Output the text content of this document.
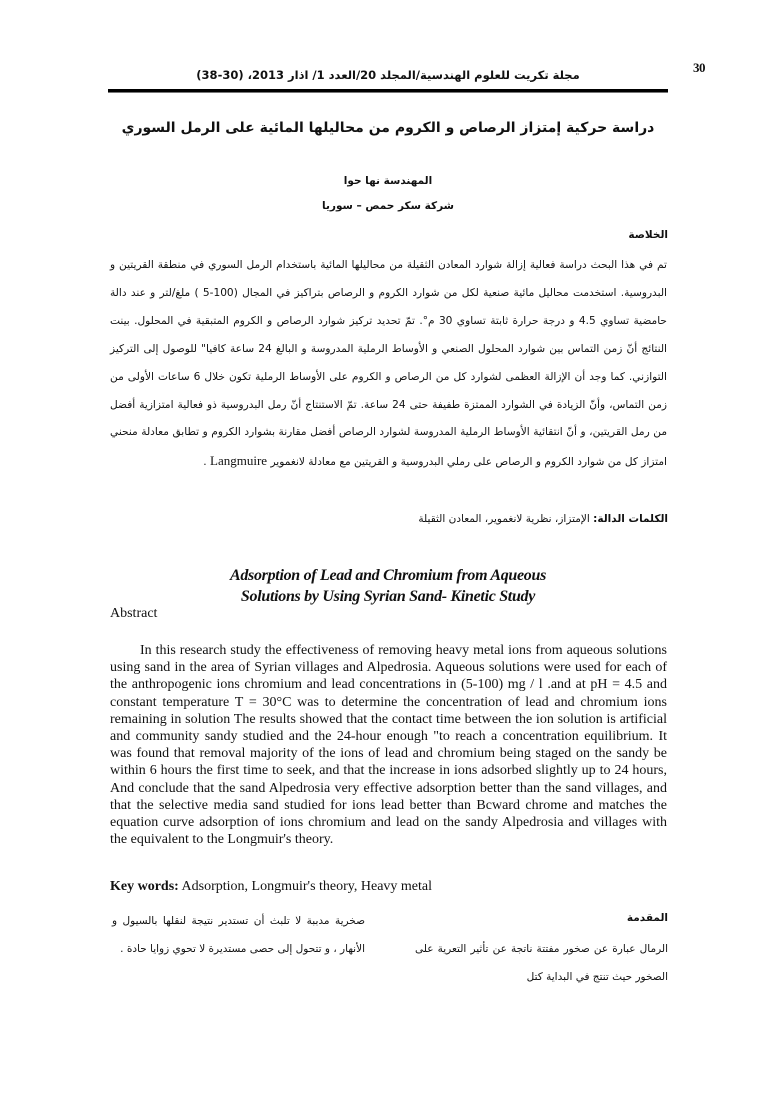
30
مجلة تكريت للعلوم الهندسية/المجلد 20/العدد 1/ اذار 2013، (30-38)
دراسة حركية إمتزاز الرصاص و الكروم من محاليلها المائية على الرمل السوري
المهندسة نها حوا
شركة سكر حمص – سوريا
الخلاصة
تم في هذا البحث دراسة فعالية إزالة شوارد المعادن الثقيلة من محاليلها المائية باستخدام الرمل السوري في منطقة القريتين و البدروسية. استخدمت محاليل مائية صنعية لكل من شوارد الكروم و الرصاص بتراكيز في المجال (100-5 ) ملغ/لتر و عند دالة حامضية تساوي 4.5 و درجة حرارة ثابتة تساوي 30 م°. تمّ تحديد تركيز شوارد الرصاص و الكروم المتبقية في المحلول. بينت النتائج أنّ زمن التماس بين شوارد المحلول الصنعي و الأوساط الرملية المدروسة و البالغ 24 ساعة كافيا" للوصول إلى التركيز التوازني. كما وجد أن الإزالة العظمى لشوارد كل من الرصاص و الكروم على الأوساط الرملية تكون خلال 6 ساعات الأولى من زمن التماس، وأنّ الزيادة في الشوارد الممتزة طفيفة حتى 24 ساعة. تمّ الاستنتاج أنّ رمل البدروسية ذو فعالية امتزازية أفضل من رمل القريتين، و أنّ انتقائية الأوساط الرملية المدروسة لشوارد الرصاص أفضل مقارنة بشوارد الكروم و تطابق معادلة منحني امتزاز كل من شوارد الكروم و الرصاص على رملي البدروسية و القريتين مع معادلة لانغموير Langmuire .
الكلمات الدالة: الإمتزاز، نظرية لانغموير، المعادن الثقيلة
Adsorption of Lead and Chromium from Aqueous
Solutions by Using Syrian Sand- Kinetic Study
Abstract
In this research study the effectiveness of removing heavy metal ions from aqueous solutions using sand in the area of Syrian villages and Alpedrosia. Aqueous solutions were used for each of the anthropogenic ions chromium and lead concentrations in (5-100) mg / l .and at pH = 4.5 and constant temperature T = 30°C was to determine the concentration of lead and chromium ions remaining in solution The results showed that the contact time between the ion solution is artificial and community sandy studied and the 24-hour enough "to reach a concentration equilibrium. It was found that removal majority of the ions of lead and chromium being staged on the sandy be within 6 hours the first time to seek, and that the increase in ions adsorbed slightly up to 24 hours, And conclude that the sand Alpedrosia very effective adsorption better than the sand villages, and that the selective media sand studied for ions lead better than Bcward chrome and matches the equation curve adsorption of ions chromium and lead on the sandy Alpedrosia and villages with the equivalent to the Longmuir's theory.
Key words: Adsorption, Longmuir's theory, Heavy metal
المقدمة
الرمال عبارة عن صخور مفتتة ناتجة عن تأثير التعرية على الصخور حيث تنتج في البداية كتل
صخرية مدببة لا تلبث أن تستدير نتيجة لنقلها بالسيول و الأنهار ، و تتحول إلى حصى مستديرة لا تحوي زوايا حادة .
